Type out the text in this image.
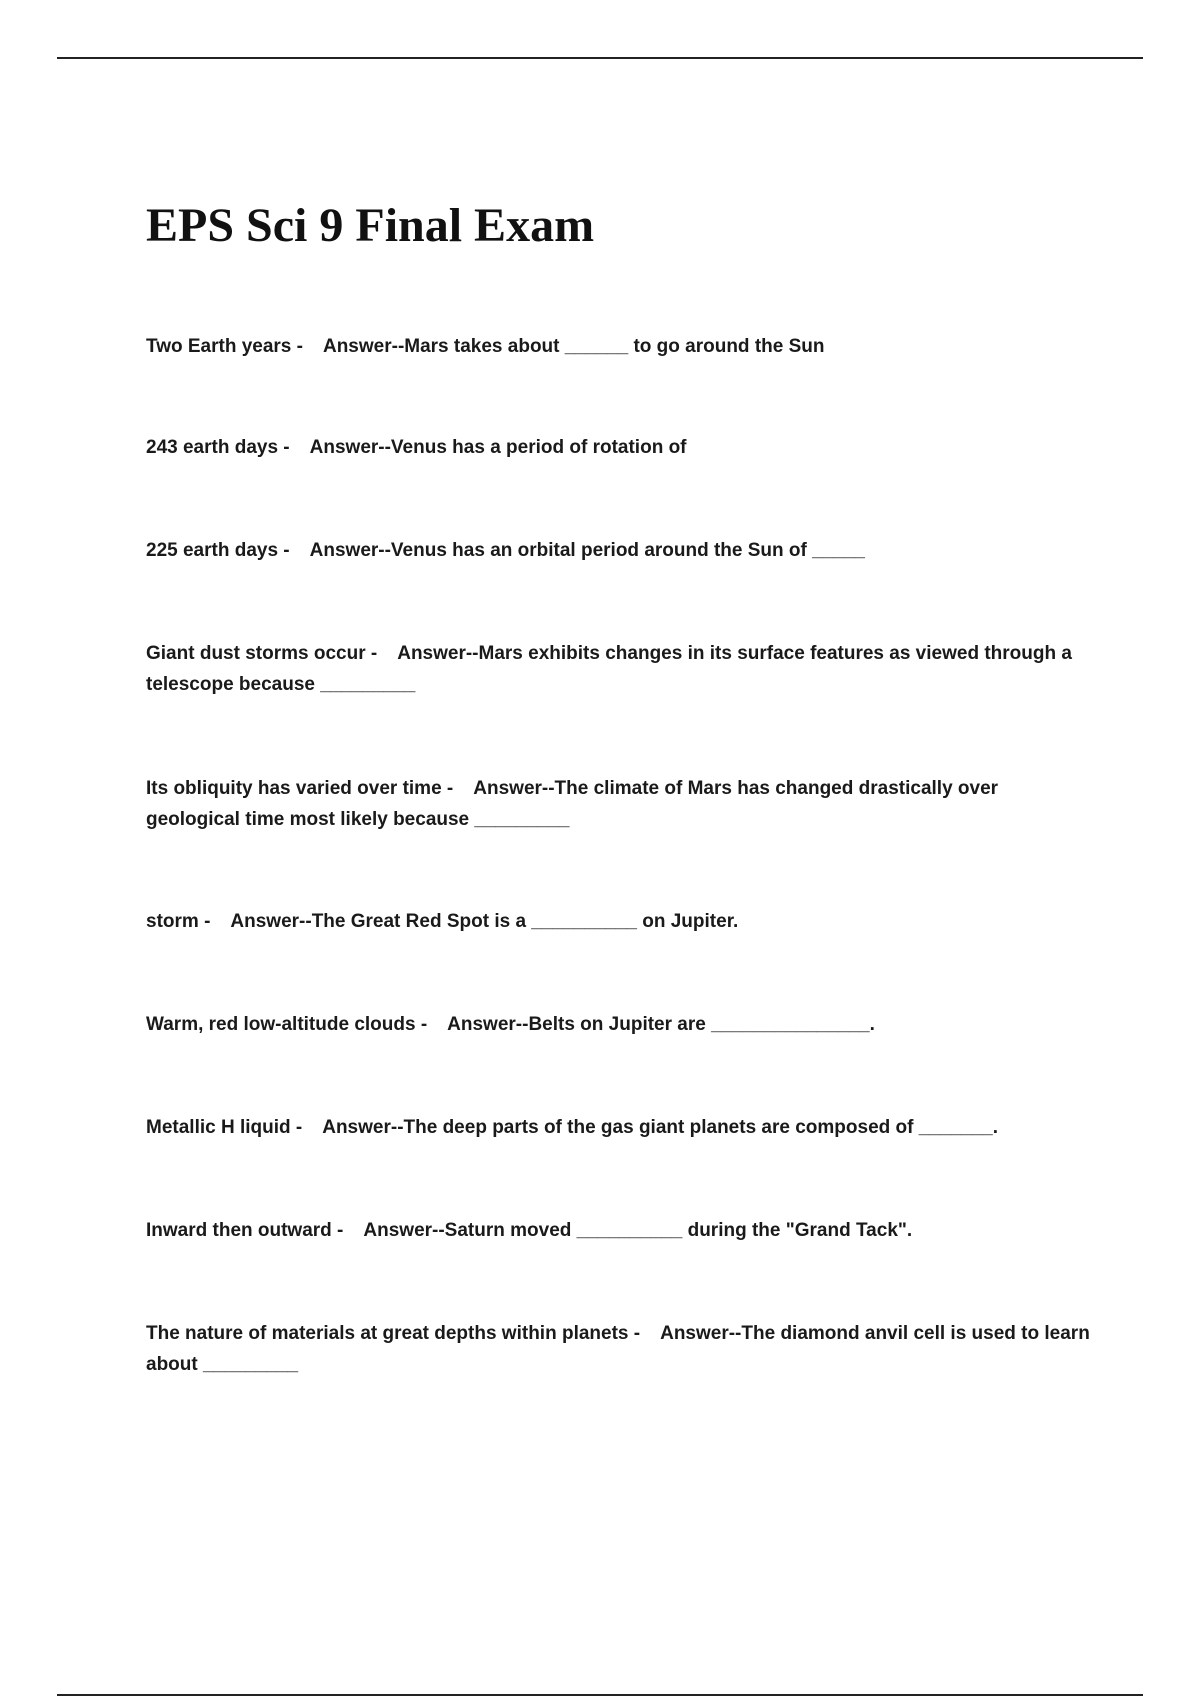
EPS Sci 9 Final Exam

Two Earth years - Answer--Mars takes about ______ to go around the Sun

243 earth days - Answer--Venus has a period of rotation of

225 earth days - Answer--Venus has an orbital period around the Sun of _____

Giant dust storms occur - Answer--Mars exhibits changes in its surface features as viewed through a telescope because _________

Its obliquity has varied over time - Answer--The climate of Mars has changed drastically over geological time most likely because _________

storm - Answer--The Great Red Spot is a __________ on Jupiter.

Warm, red low-altitude clouds - Answer--Belts on Jupiter are _______________.

Metallic H liquid - Answer--The deep parts of the gas giant planets are composed of _______.

Inward then outward - Answer--Saturn moved __________ during the "Grand Tack".

The nature of materials at great depths within planets - Answer--The diamond anvil cell is used to learn about _________
